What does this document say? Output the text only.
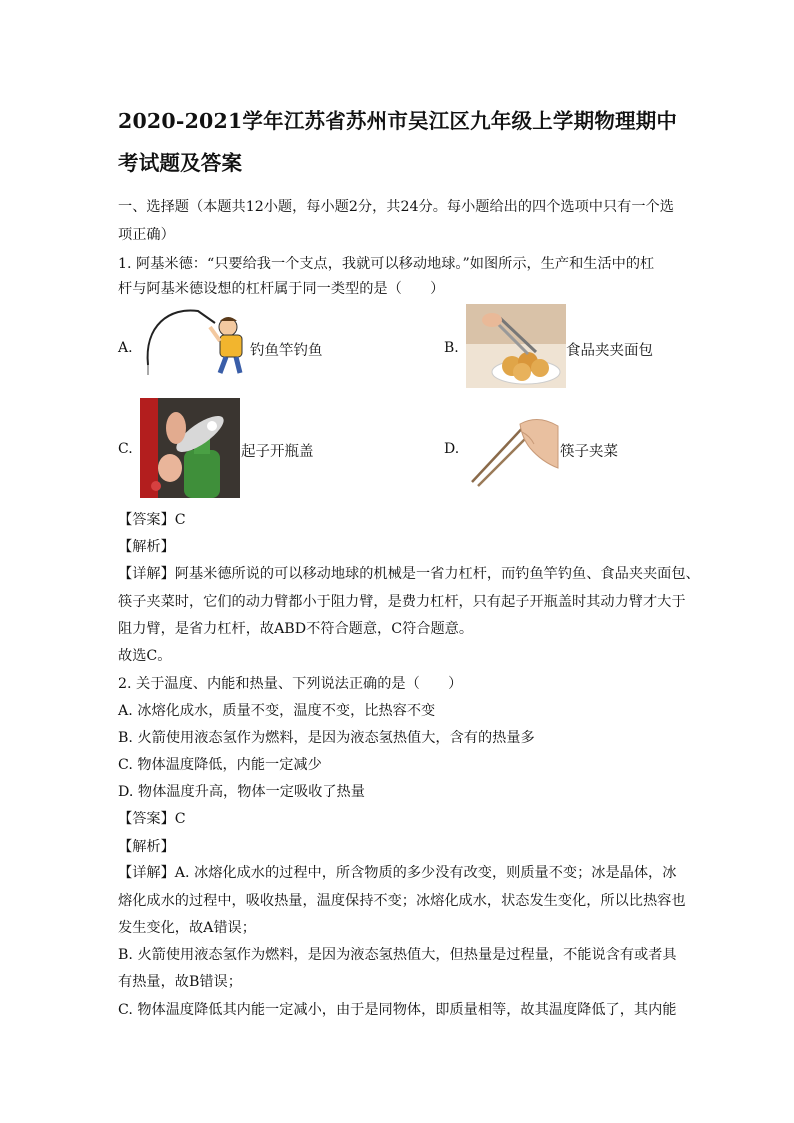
2020-2021学年江苏省苏州市吴江区九年级上学期物理期中
考试题及答案
一、选择题（本题共12小题，每小题2分，共24分。每小题给出的四个选项中只有一个选
项正确）
1. 阿基米德：“只要给我一个支点，我就可以移动地球。”如图所示，生产和生活中的杠
杆与阿基米德设想的杠杆属于同一类型的是（　　）
A.	钓鱼竿钓鱼	B.	食品夹夹面包
C.	起子开瓶盖	D.	筷子夹菜
【答案】C
【解析】
【详解】阿基米德所说的可以移动地球的机械是一省力杠杆，而钓鱼竿钓鱼、食品夹夹面包、
筷子夹菜时，它们的动力臂都小于阻力臂，是费力杠杆，只有起子开瓶盖时其动力臂才大于
阻力臂，是省力杠杆，故ABD不符合题意，C符合题意。
故选C。
2. 关于温度、内能和热量、下列说法正确的是（　　）
A. 冰熔化成水，质量不变，温度不变，比热容不变
B. 火箭使用液态氢作为燃料，是因为液态氢热值大，含有的热量多
C. 物体温度降低，内能一定减少
D. 物体温度升高，物体一定吸收了热量
【答案】C
【解析】
【详解】A. 冰熔化成水的过程中，所含物质的多少没有改变，则质量不变；冰是晶体，冰
熔化成水的过程中，吸收热量，温度保持不变；冰熔化成水，状态发生变化，所以比热容也
发生变化，故A错误；
B. 火箭使用液态氢作为燃料，是因为液态氢热值大，但热量是过程量，不能说含有或者具
有热量，故B错误；
C. 物体温度降低其内能一定减小，由于是同物体，即质量相等，故其温度降低了，其内能
